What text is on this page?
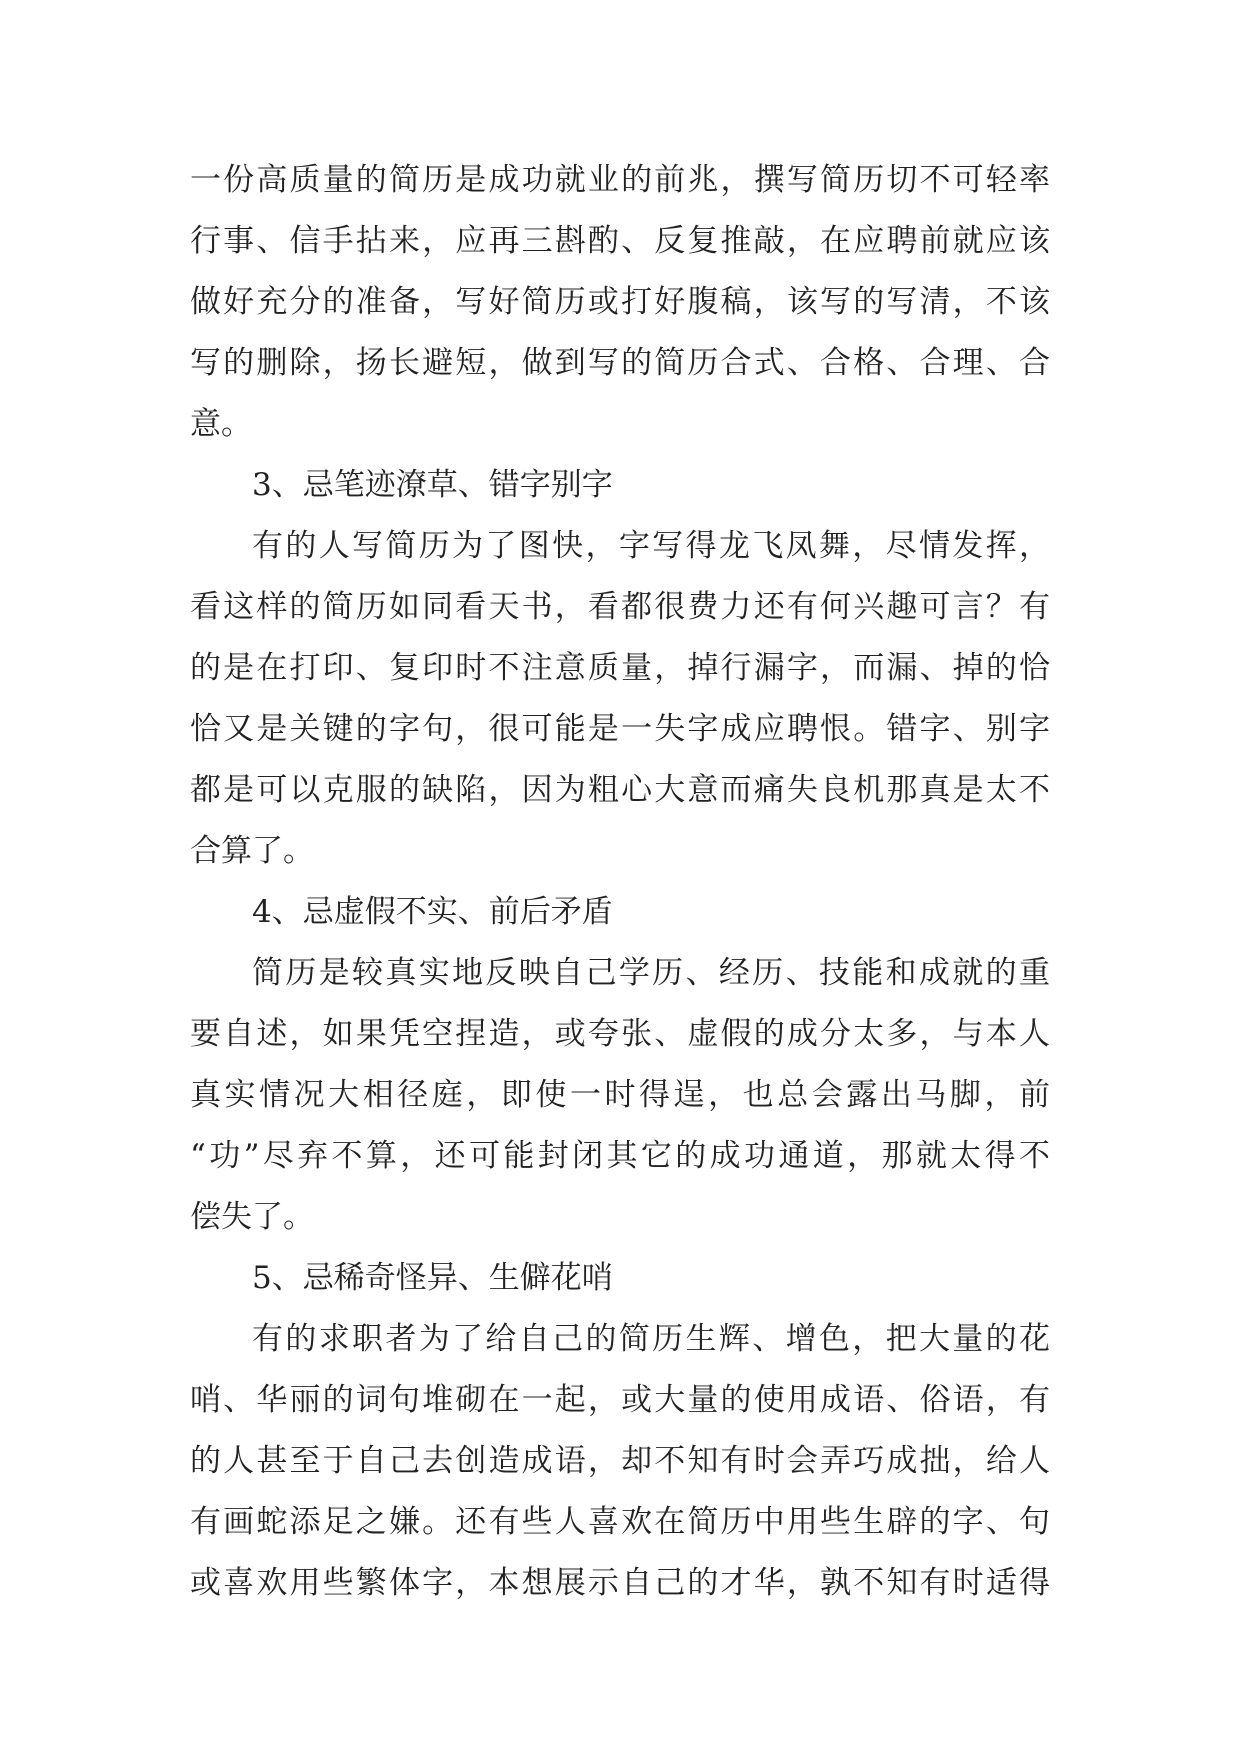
一份高质量的简历是成功就业的前兆，撰写简历切不可轻率
行事、信手拈来，应再三斟酌、反复推敲，在应聘前就应该
做好充分的准备，写好简历或打好腹稿，该写的写清，不该
写的删除，扬长避短，做到写的简历合式、合格、合理、合
意。
3、忌笔迹潦草、错字别字
有的人写简历为了图快，字写得龙飞凤舞，尽情发挥，
看这样的简历如同看天书，看都很费力还有何兴趣可言？有
的是在打印、复印时不注意质量，掉行漏字，而漏、掉的恰
恰又是关键的字句，很可能是一失字成应聘恨。错字、别字
都是可以克服的缺陷，因为粗心大意而痛失良机那真是太不
合算了。
4、忌虚假不实、前后矛盾
简历是较真实地反映自己学历、经历、技能和成就的重
要自述，如果凭空捏造，或夸张、虚假的成分太多，与本人
真实情况大相径庭，即使一时得逞，也总会露出马脚，前
“功”尽弃不算，还可能封闭其它的成功通道，那就太得不
偿失了。
5、忌稀奇怪异、生僻花哨
有的求职者为了给自己的简历生辉、增色，把大量的花
哨、华丽的词句堆砌在一起，或大量的使用成语、俗语，有
的人甚至于自己去创造成语，却不知有时会弄巧成拙，给人
有画蛇添足之嫌。还有些人喜欢在简历中用些生辟的字、句
或喜欢用些繁体字，本想展示自己的才华，孰不知有时适得
